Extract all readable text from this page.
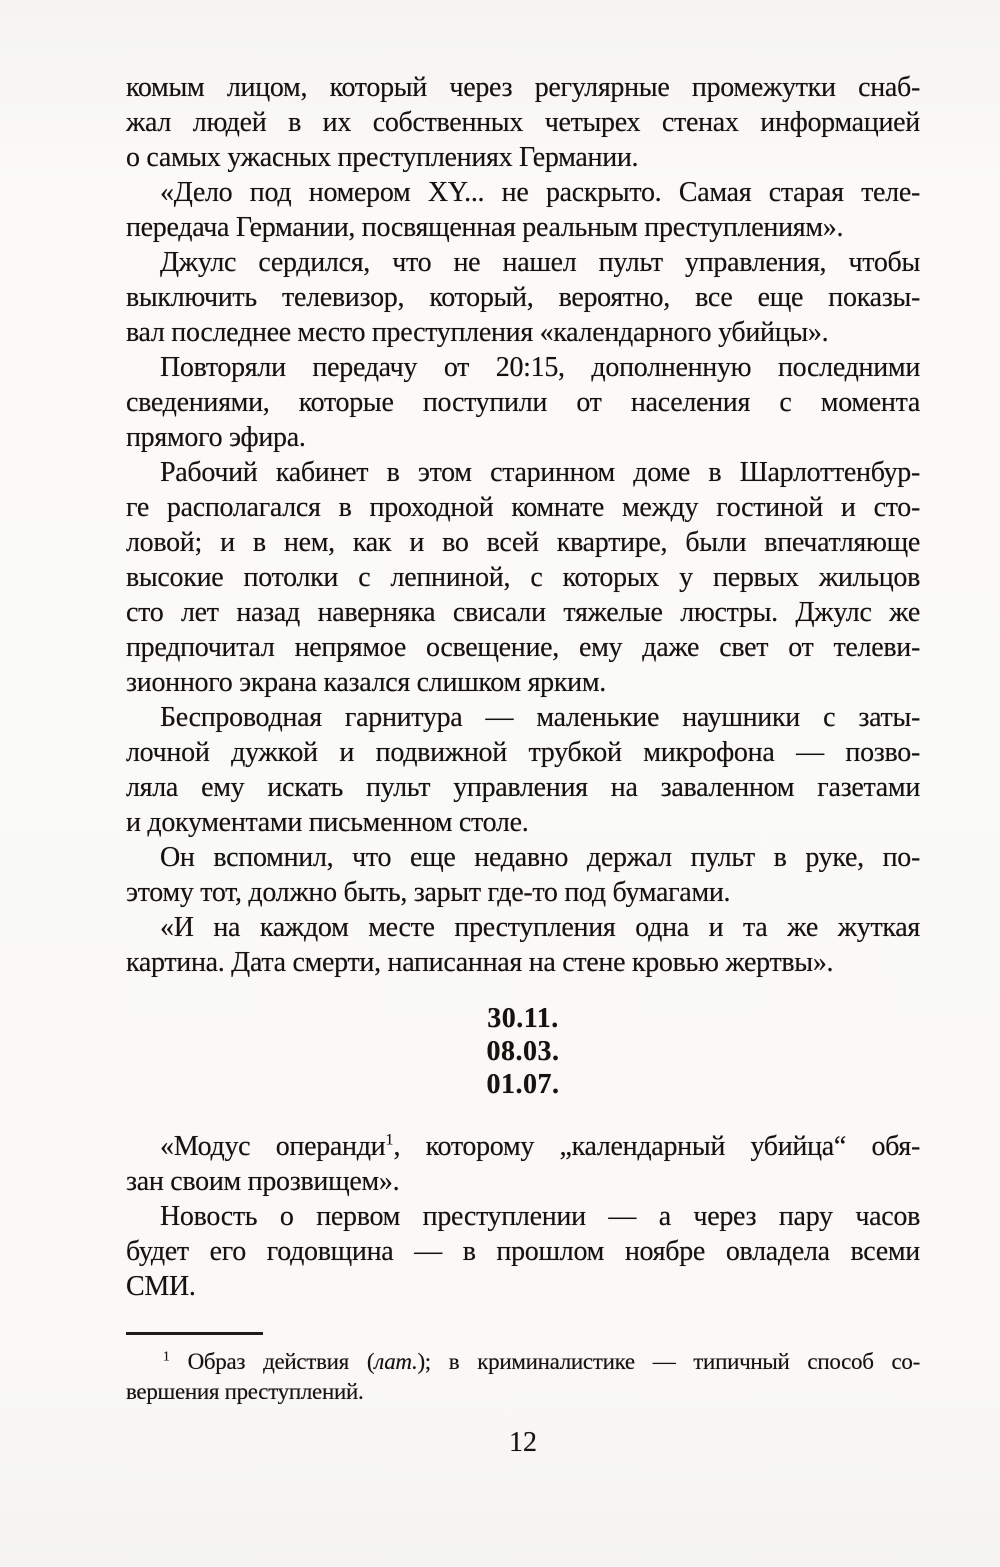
комым лицом, который через регулярные промежутки снаб-
жал людей в их собственных четырех стенах информацией
о самых ужасных преступлениях Германии.
«Дело под номером XY... не раскрыто. Самая старая теле-
передача Германии, посвященная реальным преступлениям».
Джулс сердился, что не нашел пульт управления, чтобы
выключить телевизор, который, вероятно, все еще показы-
вал последнее место преступления «календарного убийцы».
Повторяли передачу от 20:15, дополненную последними
сведениями, которые поступили от населения с момента
прямого эфира.
Рабочий кабинет в этом старинном доме в Шарлоттенбур-
ге располагался в проходной комнате между гостиной и сто-
ловой; и в нем, как и во всей квартире, были впечатляюще
высокие потолки с лепниной, с которых у первых жильцов
сто лет назад наверняка свисали тяжелые люстры. Джулс же
предпочитал непрямое освещение, ему даже свет от телеви-
зионного экрана казался слишком ярким.
Беспроводная гарнитура — маленькие наушники с заты-
лочной дужкой и подвижной трубкой микрофона — позво-
ляла ему искать пульт управления на заваленном газетами
и документами письменном столе.
Он вспомнил, что еще недавно держал пульт в руке, по-
этому тот, должно быть, зарыт где-то под бумагами.
«И на каждом месте преступления одна и та же жуткая
картина. Дата смерти, написанная на стене кровью жертвы».
30.11.
08.03.
01.07.
«Модус операнди$^1$, которому „календарный убийца“ обя-
зан своим прозвищем».
Новость о первом преступлении — а через пару часов
будет его годовщина — в прошлом ноябре овладела всеми
СМИ.
$^1$ Образ действия (лат.); в криминалистике — типичный способ со-
вершения преступлений.
12
